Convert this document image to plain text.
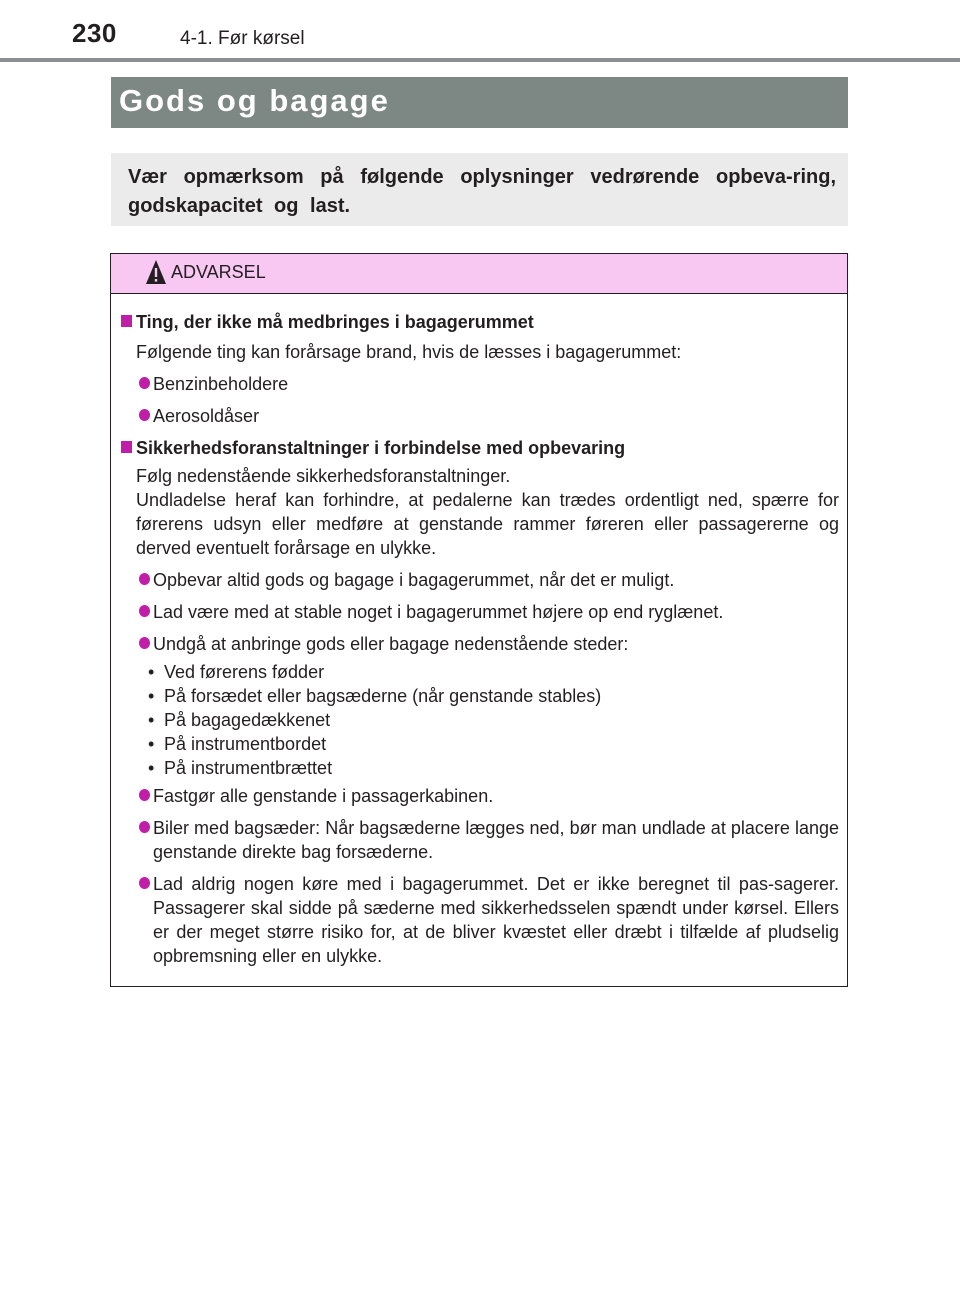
230	4-1. Før kørsel
Gods og bagage

Vær opmærksom på følgende oplysninger vedrørende opbeva-ring, godskapacitet og last.

ADVARSEL

Ting, der ikke må medbringes i bagagerummet

Følgende ting kan forårsage brand, hvis de læsses i bagagerummet:

Benzinbeholdere

Aerosoldåser

Sikkerhedsforanstaltninger i forbindelse med opbevaring

Følg nedenstående sikkerhedsforanstaltninger.

Undladelse heraf kan forhindre, at pedalerne kan trædes ordentligt ned, spærre for førerens udsyn eller medføre at genstande rammer føreren eller passagererne og derved eventuelt forårsage en ulykke.

Opbevar altid gods og bagage i bagagerummet, når det er muligt.

Lad være med at stable noget i bagagerummet højere op end ryglænet.

Undgå at anbringe gods eller bagage nedenstående steder:

• Ved førerens fødder
• På forsædet eller bagsæderne (når genstande stables)
• På bagagedækkenet
• På instrumentbordet
• På instrumentbrættet

Fastgør alle genstande i passagerkabinen.

Biler med bagsæder: Når bagsæderne lægges ned, bør man undlade at placere lange genstande direkte bag forsæderne.

Lad aldrig nogen køre med i bagagerummet. Det er ikke beregnet til pas-sagerer. Passagerer skal sidde på sæderne med sikkerhedsselen spændt under kørsel. Ellers er der meget større risiko for, at de bliver kvæstet eller dræbt i tilfælde af pludselig opbremsning eller en ulykke.
